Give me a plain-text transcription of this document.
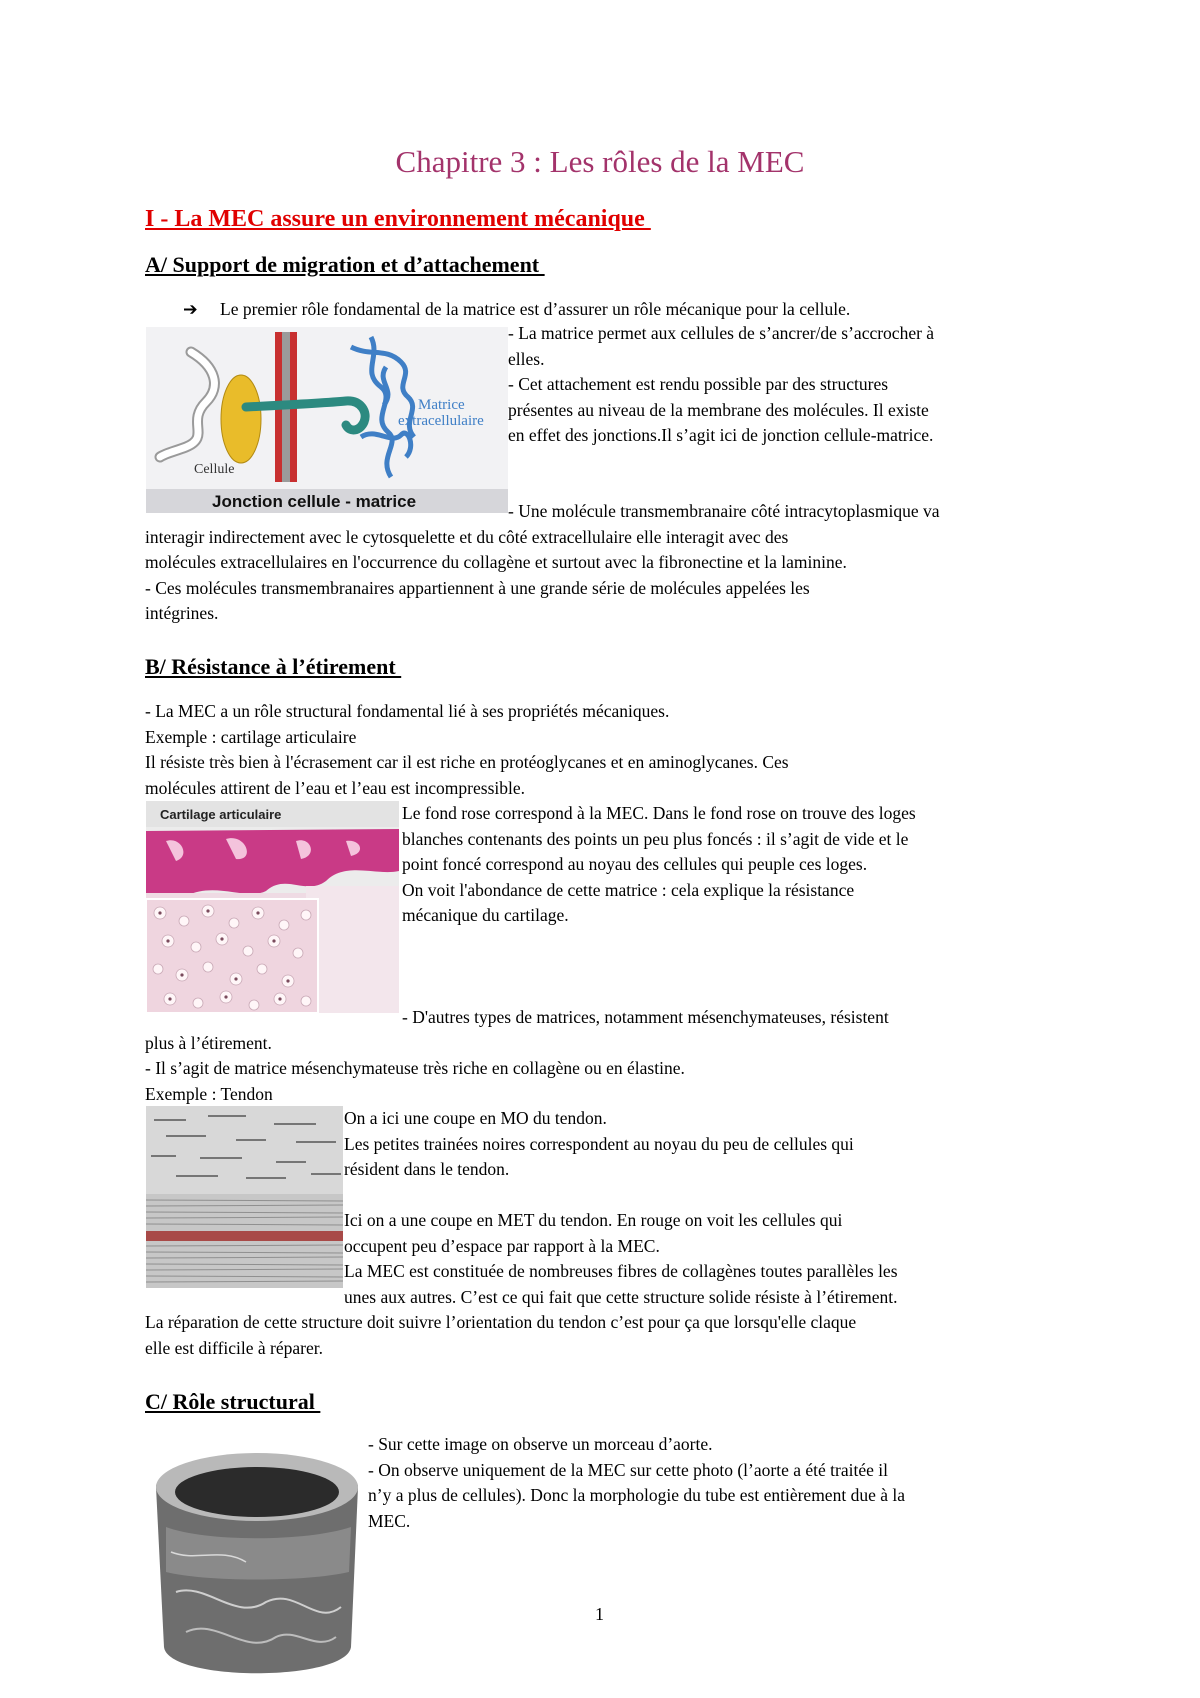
Chapitre 3 : Les rôles de la MEC
I - La MEC assure un environnement mécanique
A/ Support de migration et d’attachement
➔ Le premier rôle fondamental de la matrice est d’assurer un rôle mécanique pour la cellule.
Matrice
extracellulaire
Cellule
Jonction cellule - matrice
- La matrice permet aux cellules de s’ancrer/de s’accrocher à
elles.
- Cet attachement est rendu possible par des structures
présentes au niveau de la membrane des molécules. Il existe
en effet des jonctions.Il s’agit ici de jonction cellule-matrice.
- Une molécule transmembranaire côté intracytoplasmique va
interagir indirectement avec le cytosquelette et du côté extracellulaire elle interagit avec des
molécules extracellulaires en l'occurrence du collagène et surtout avec la fibronectine et la laminine.
- Ces molécules transmembranaires appartiennent à une grande série de molécules appelées les
intégrines.
B/ Résistance à l’étirement
- La MEC a un rôle structural fondamental lié à ses propriétés mécaniques.
Exemple : cartilage articulaire
Il résiste très bien à l'écrasement car il est riche en protéoglycanes et en aminoglycanes. Ces
molécules attirent de l’eau et l’eau est incompressible.
Cartilage articulaire	Le fond rose correspond à la MEC. Dans le fond rose on trouve des loges
blanches contenants des points un peu plus foncés : il s’agit de vide et le
point foncé correspond au noyau des cellules qui peuple ces loges.
On voit l'abondance de cette matrice : cela explique la résistance
mécanique du cartilage.
- D'autres types de matrices, notamment mésenchymateuses, résistent
plus à l’étirement.
- Il s’agit de matrice mésenchymateuse très riche en collagène ou en élastine.
Exemple : Tendon
On a ici une coupe en MO du tendon.
Les petites trainées noires correspondent au noyau du peu de cellules qui
résident dans le tendon.
Ici on a une coupe en MET du tendon. En rouge on voit les cellules qui
occupent peu d’espace par rapport à la MEC.
La MEC est constituée de nombreuses fibres de collagènes toutes parallèles les
unes aux autres. C’est ce qui fait que cette structure solide résiste à l’étirement.
La réparation de cette structure doit suivre l’orientation du tendon c’est pour ça que lorsqu'elle claque
elle est difficile à réparer.
C/ Rôle structural
- Sur cette image on observe un morceau d’aorte.
- On observe uniquement de la MEC sur cette photo (l’aorte a été traitée il
n’y a plus de cellules). Donc la morphologie du tube est entièrement due à la
MEC.
1
